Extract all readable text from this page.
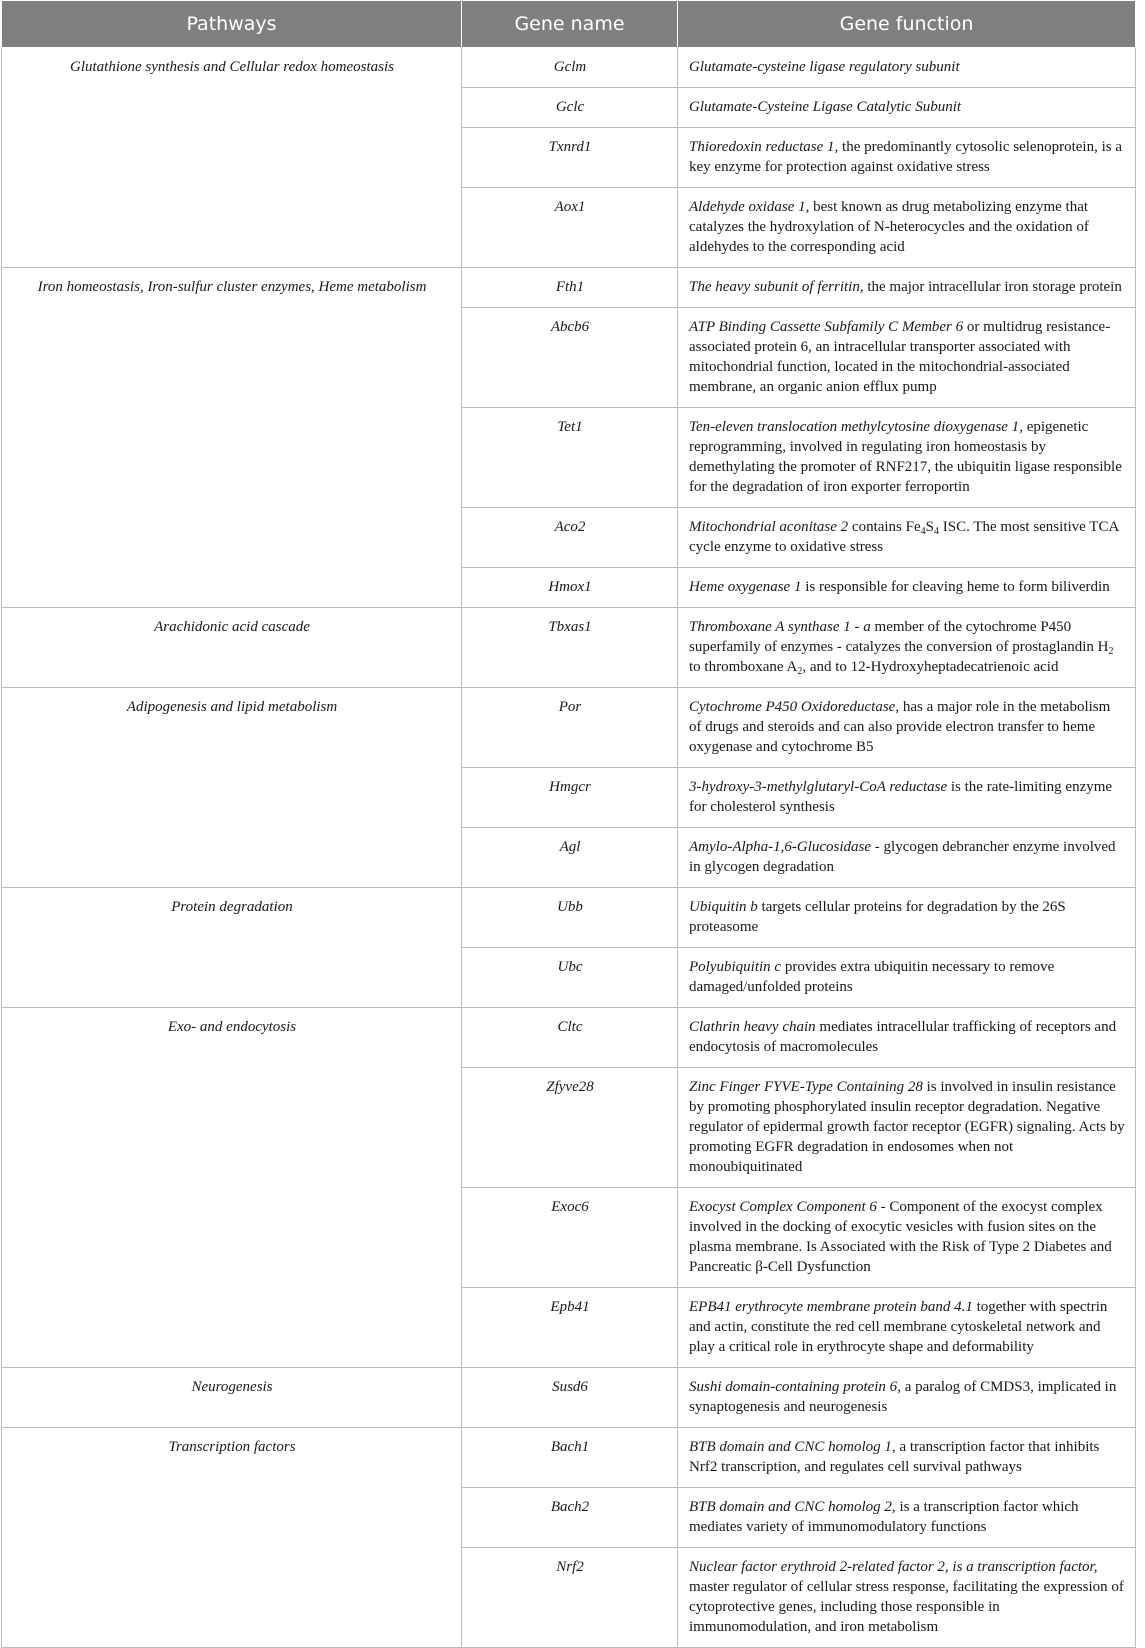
Pathways	Gene name	Gene function
Glutathione synthesis and Cellular redox homeostasis	Gclm	Glutamate-cysteine ligase regulatory subunit
	Gclc	Glutamate-Cysteine Ligase Catalytic Subunit
	Txnrd1	Thioredoxin reductase 1, the predominantly cytosolic selenoprotein, is a key enzyme for protection against oxidative stress
	Aox1	Aldehyde oxidase 1, best known as drug metabolizing enzyme that catalyzes the hydroxylation of N-heterocycles and the oxidation of aldehydes to the corresponding acid
Iron homeostasis, Iron-sulfur cluster enzymes, Heme metabolism	Fth1	The heavy subunit of ferritin, the major intracellular iron storage protein
	Abcb6	ATP Binding Cassette Subfamily C Member 6 or multidrug resistance-associated protein 6, an intracellular transporter associated with mitochondrial function, located in the mitochondrial-associated membrane, an organic anion efflux pump
	Tet1	Ten-eleven translocation methylcytosine dioxygenase 1, epigenetic reprogramming, involved in regulating iron homeostasis by demethylating the promoter of RNF217, the ubiquitin ligase responsible for the degradation of iron exporter ferroportin
	Aco2	Mitochondrial aconitase 2 contains $Fe_4S_4$ ISC. The most sensitive TCA cycle enzyme to oxidative stress
	Hmox1	Heme oxygenase 1 is responsible for cleaving heme to form biliverdin
Arachidonic acid cascade	Tbxas1	Thromboxane A synthase 1 - a member of the cytochrome P450 superfamily of enzymes - catalyzes the conversion of prostaglandin $H_2$ to thromboxane $A_2$, and to 12-Hydroxyheptadecatrienoic acid
Adipogenesis and lipid metabolism	Por	Cytochrome P450 Oxidoreductase, has a major role in the metabolism of drugs and steroids and can also provide electron transfer to heme oxygenase and cytochrome B5
	Hmgcr	3-hydroxy-3-methylglutaryl-CoA reductase is the rate-limiting enzyme for cholesterol synthesis
	Agl	Amylo-Alpha-1,6-Glucosidase - glycogen debrancher enzyme involved in glycogen degradation
Protein degradation	Ubb	Ubiquitin b targets cellular proteins for degradation by the 26S proteasome
	Ubc	Polyubiquitin c provides extra ubiquitin necessary to remove damaged/unfolded proteins
Exo- and endocytosis	Cltc	Clathrin heavy chain mediates intracellular trafficking of receptors and endocytosis of macromolecules
	Zfyve28	Zinc Finger FYVE-Type Containing 28 is involved in insulin resistance by promoting phosphorylated insulin receptor degradation. Negative regulator of epidermal growth factor receptor (EGFR) signaling. Acts by promoting EGFR degradation in endosomes when not monoubiquitinated
	Exoc6	Exocyst Complex Component 6 - Component of the exocyst complex involved in the docking of exocytic vesicles with fusion sites on the plasma membrane. Is Associated with the Risk of Type 2 Diabetes and Pancreatic β-Cell Dysfunction
	Epb41	EPB41 erythrocyte membrane protein band 4.1 together with spectrin and actin, constitute the red cell membrane cytoskeletal network and play a critical role in erythrocyte shape and deformability
Neurogenesis	Susd6	Sushi domain-containing protein 6, a paralog of CMDS3, implicated in synaptogenesis and neurogenesis
Transcription factors	Bach1	BTB domain and CNC homolog 1, a transcription factor that inhibits Nrf2 transcription, and regulates cell survival pathways
	Bach2	BTB domain and CNC homolog 2, is a transcription factor which mediates variety of immunomodulatory functions
	Nrf2	Nuclear factor erythroid 2-related factor 2, is a transcription factor, master regulator of cellular stress response, facilitating the expression of cytoprotective genes, including those responsible in immunomodulation, and iron metabolism
